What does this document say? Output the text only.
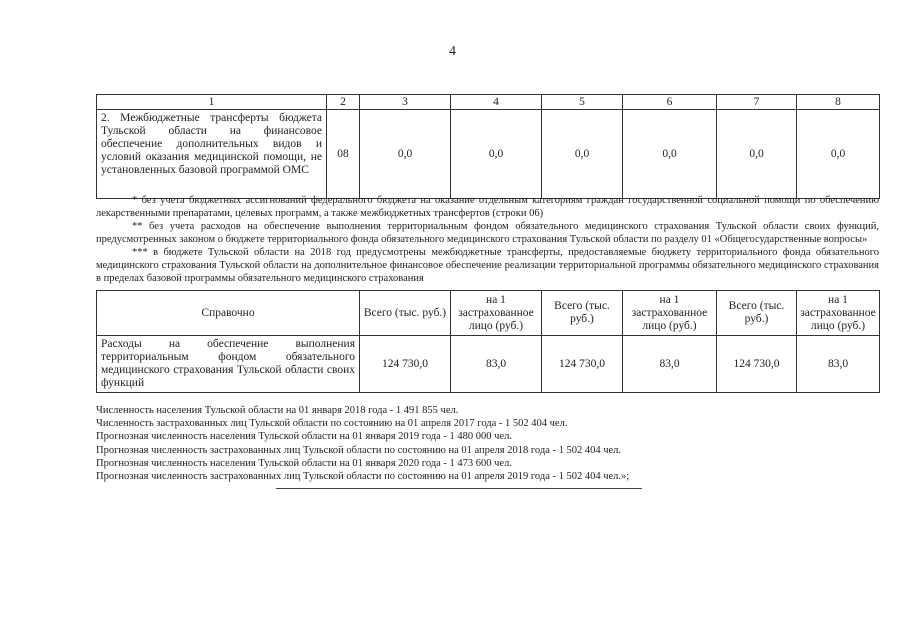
4
1	2	3	4	5	6	7	8
2. Межбюджетные трансферты бюджета Тульской области на финансовое обеспечение дополнительных видов и условий оказания медицинской помощи, не установленных базовой программой ОМС	08	0,0	0,0	0,0	0,0	0,0	0,0

* без учета бюджетных ассигнований федерального бюджета на оказание отдельным категориям граждан государственной социальной помощи по обеспечению лекарственными препаратами, целевых программ, а также межбюджетных трансфертов (строки 06)

** без учета расходов на обеспечение выполнения территориальным фондом обязательного медицинского страхования Тульской области своих функций, предусмотренных законом о бюджете территориального фонда обязательного медицинского страхования Тульской области по разделу 01 «Общегосударственные вопросы»

*** в бюджете Тульской области на 2018 год предусмотрены межбюджетные трансферты, предоставляемые бюджету территориального фонда обязательного медицинского страхования Тульской области на дополнительное финансовое обеспечение реализации территориальной программы обязательного медицинского страхования в пределах базовой программы обязательного медицинского страхования

Справочно	Всего (тыс. руб.)	на 1 застрахованное лицо (руб.)	Всего (тыс. руб.)	на 1 застрахованное лицо (руб.)	Всего (тыс. руб.)	на 1 застрахованное лицо (руб.)
Расходы на обеспечение выполнения территориальным фондом обязательного медицинского страхования Тульской области своих функций	124 730,0	83,0	124 730,0	83,0	124 730,0	83,0
Численность населения Тульской области на 01 января 2018 года - 1 491 855 чел.
Численность застрахованных лиц Тульской области по состоянию на 01 апреля 2017 года - 1 502 404 чел.
Прогнозная численность населения Тульской области на 01 января 2019 года - 1 480 000 чел.
Прогнозная численность застрахованных лиц Тульской области по состоянию на 01 апреля 2018 года - 1 502 404 чел.
Прогнозная численность населения Тульской области на 01 января 2020 года - 1 473 600 чел.
Прогнозная численность застрахованных лиц Тульской области по состоянию на 01 апреля 2019 года - 1 502 404 чел.»;
